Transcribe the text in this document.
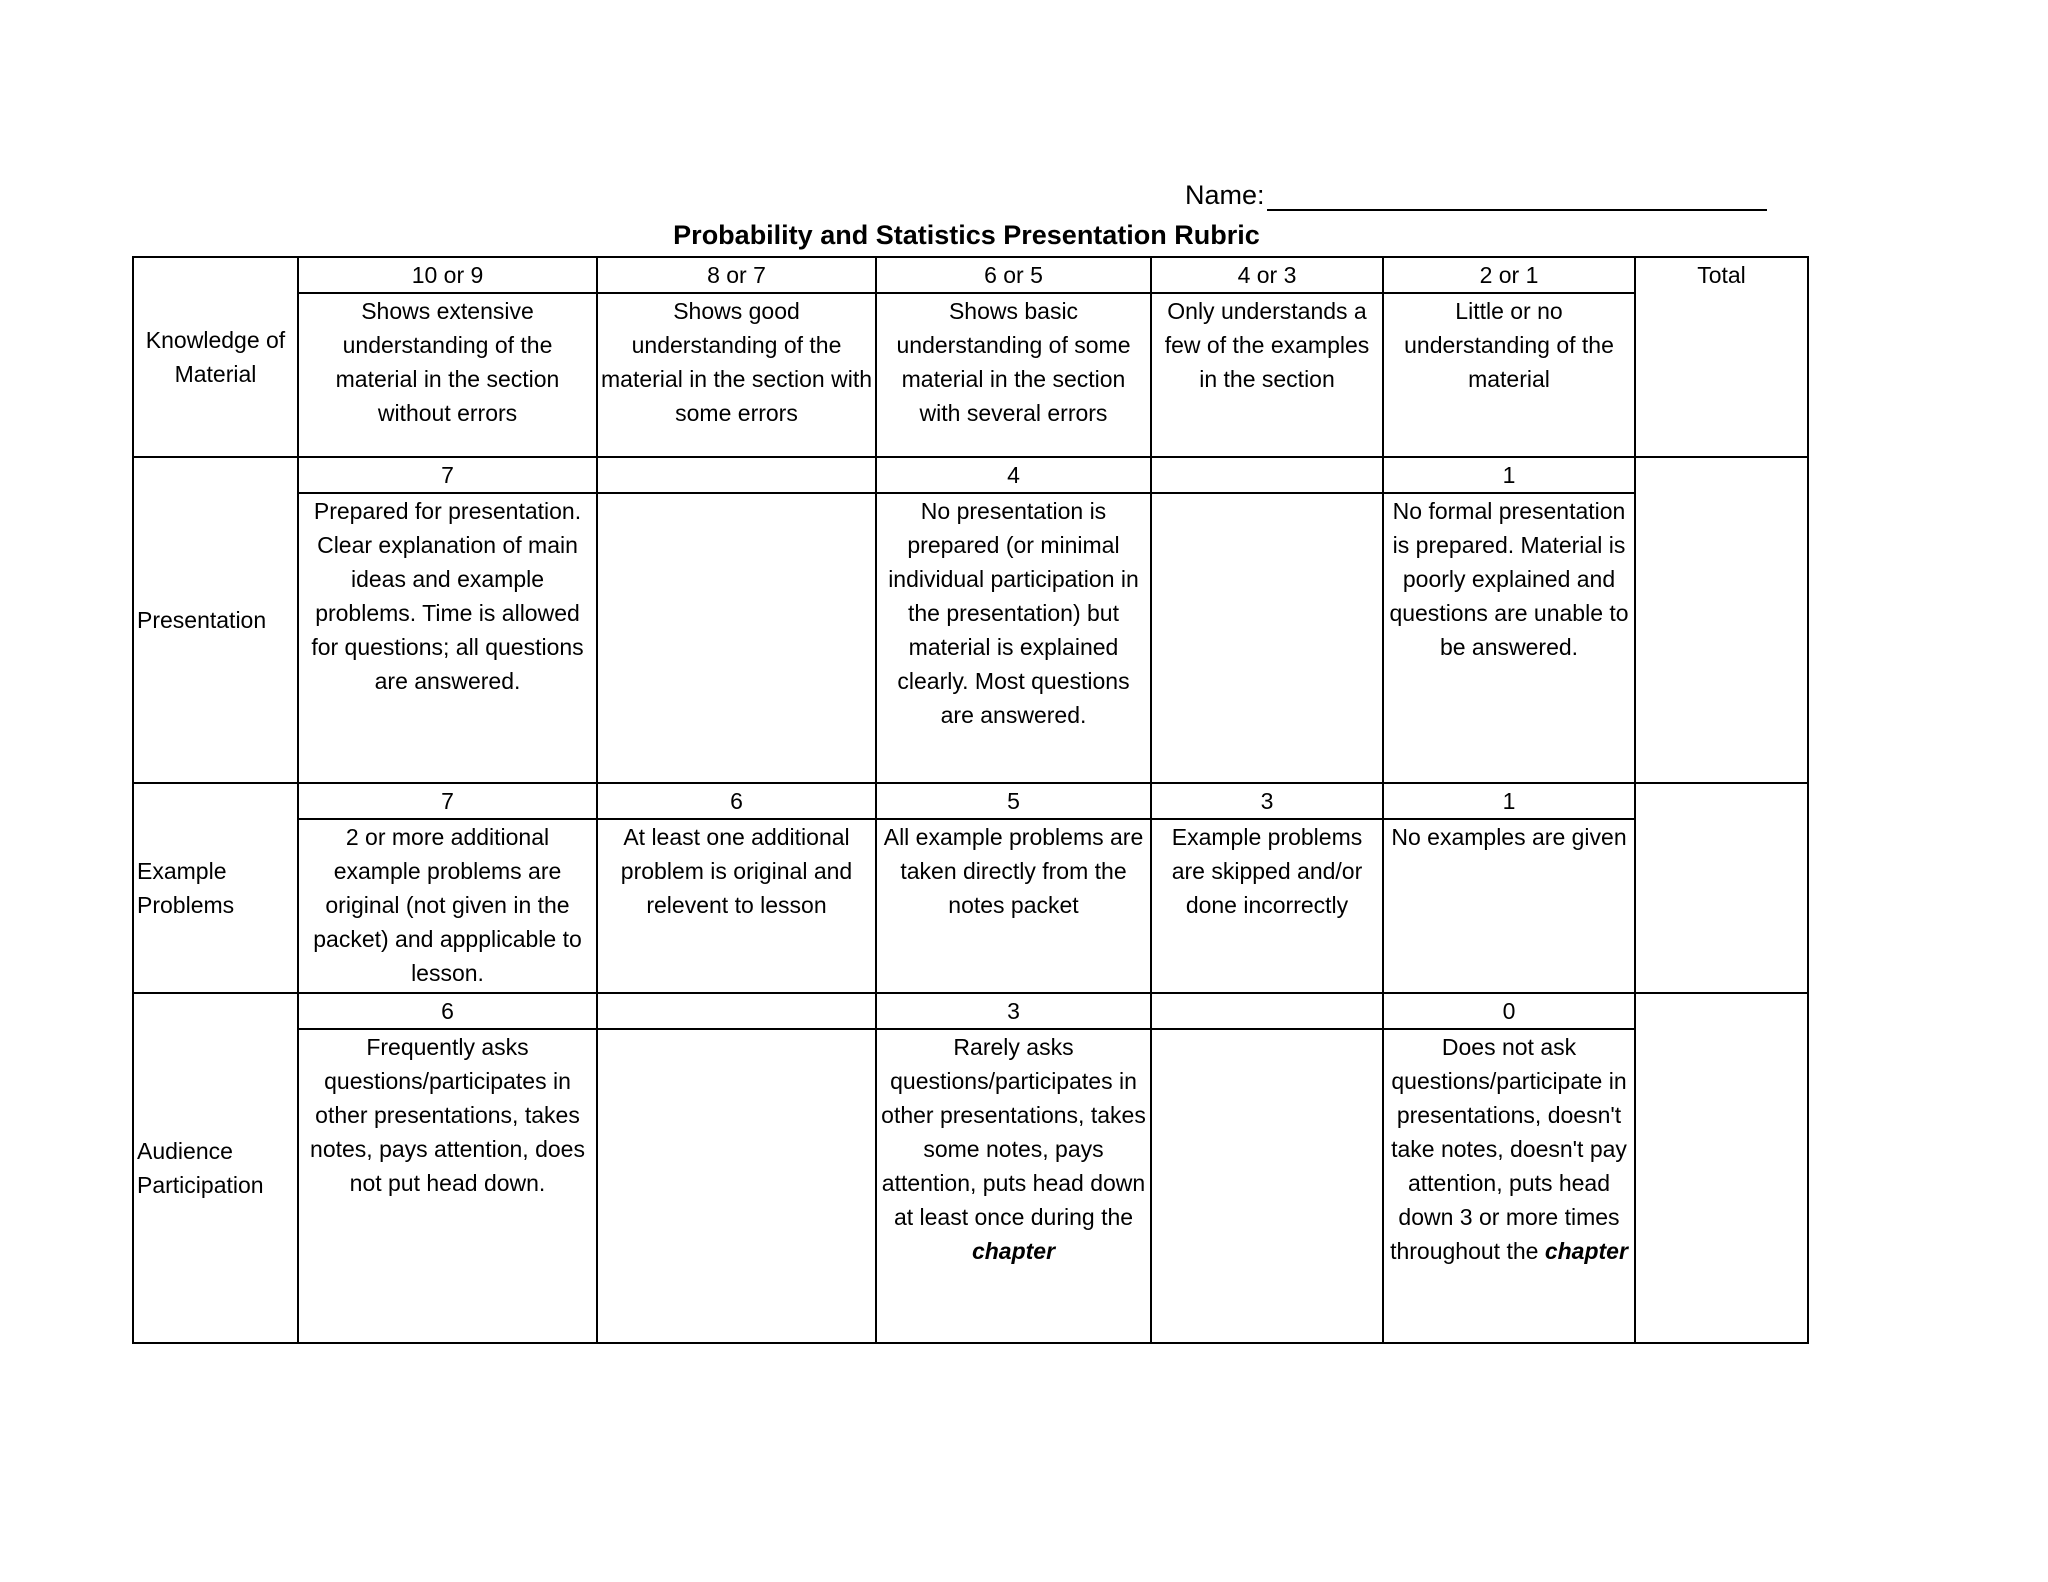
Name:
Probability and Statistics Presentation Rubric
Knowledge of Material	10 or 9	8 or 7	6 or 5	4 or 3	2 or 1	Total
	Shows extensive understanding of the material in the section without errors	Shows good understanding of the material in the section with some errors	Shows basic understanding of some material in the section with several errors	Only understands a few of the examples in the section	Little or no understanding of the material	
Presentation	7		4		1	
	Prepared for presentation. Clear explanation of main ideas and example problems. Time is allowed for questions; all questions are answered.		No presentation is prepared (or minimal individual participation in the presentation) but material is explained clearly. Most questions are answered.		No formal presentation is prepared. Material is poorly explained and questions are unable to be answered.	
Example Problems	7	6	5	3	1	
	2 or more additional example problems are original (not given in the packet) and appplicable to lesson.	At least one additional problem is original and relevent to lesson	All example problems are taken directly from the notes packet	Example problems are skipped and/or done incorrectly	No examples are given	
Audience Participation	6		3		0	
	Frequently asks questions/participates in other presentations, takes notes, pays attention, does not put head down.		Rarely asks questions/participates in other presentations, takes some notes, pays attention, puts head down at least once during the chapter		Does not ask questions/participate in presentations, doesn't take notes, doesn't pay attention, puts head down 3 or more times throughout the chapter	
